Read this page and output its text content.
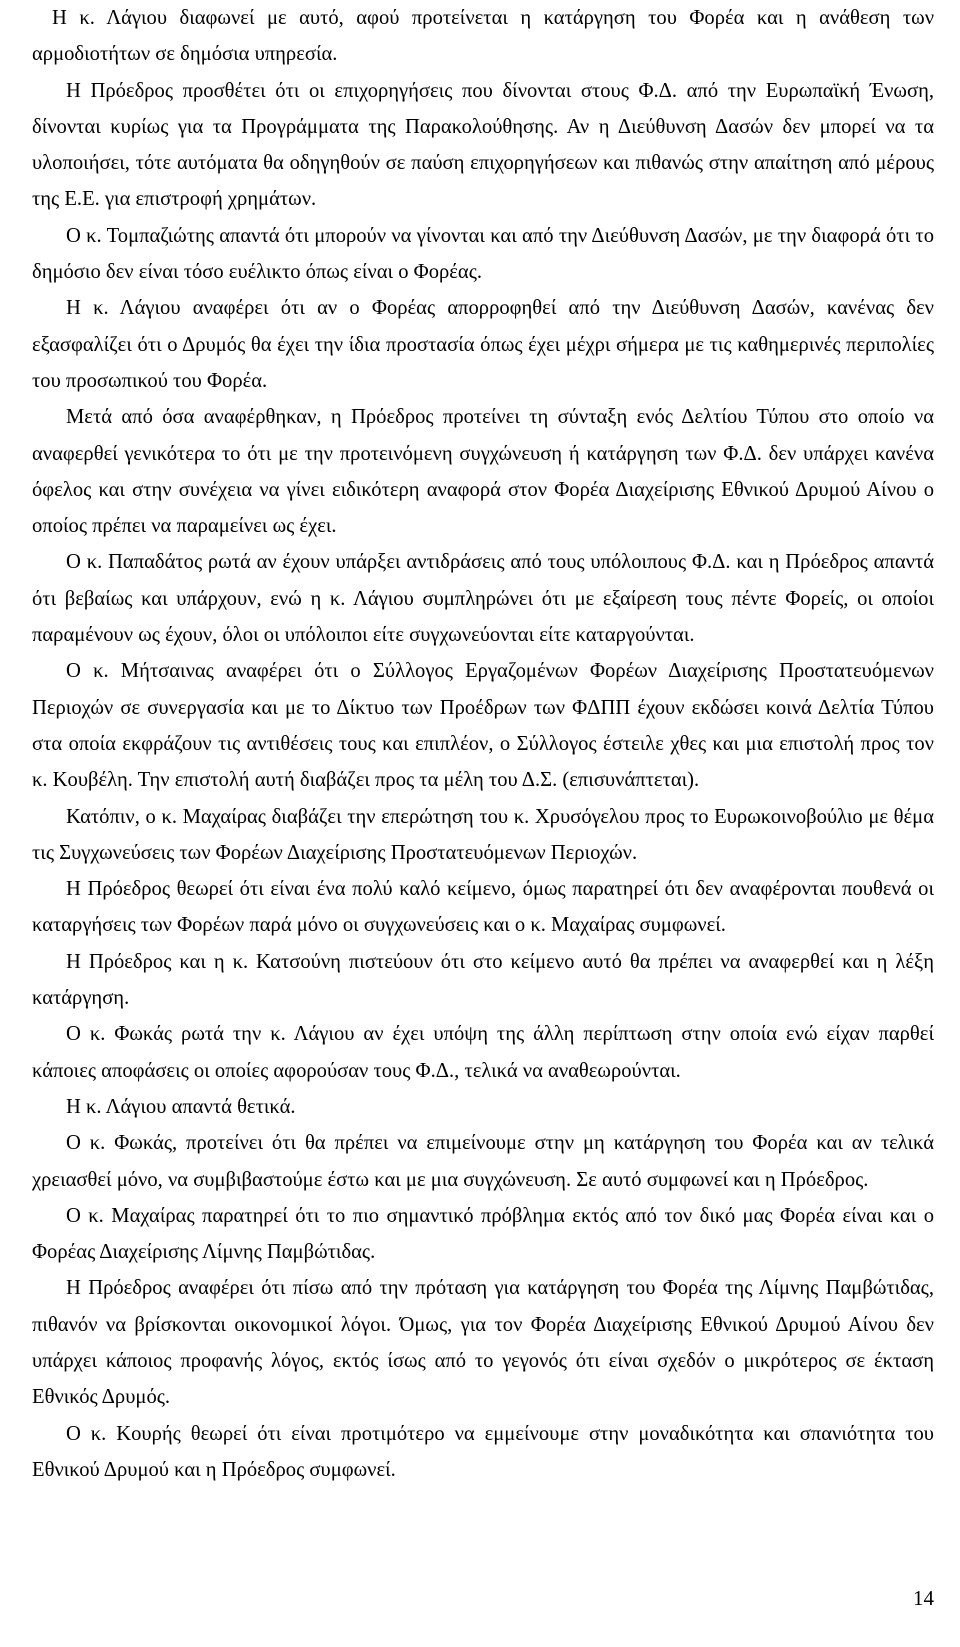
Η κ. Λάγιου διαφωνεί με αυτό, αφού προτείνεται η κατάργηση του Φορέα και η ανάθεση των αρμοδιοτήτων σε δημόσια υπηρεσία.

Η Πρόεδρος προσθέτει ότι οι επιχορηγήσεις που δίνονται στους Φ.Δ. από την Ευρωπαϊκή Ένωση, δίνονται κυρίως για τα Προγράμματα της Παρακολούθησης. Αν η Διεύθυνση Δασών δεν μπορεί να τα υλοποιήσει, τότε αυτόματα θα οδηγηθούν σε παύση επιχορηγήσεων και πιθανώς στην απαίτηση από μέρους της Ε.Ε. για επιστροφή χρημάτων.

Ο κ. Τομπαζιώτης απαντά ότι μπορούν να γίνονται και από την Διεύθυνση Δασών, με την διαφορά ότι το δημόσιο δεν είναι τόσο ευέλικτο όπως είναι ο Φορέας.

Η κ. Λάγιου αναφέρει ότι αν ο Φορέας απορροφηθεί από την Διεύθυνση Δασών, κανένας δεν εξασφαλίζει ότι ο Δρυμός θα έχει την ίδια προστασία όπως έχει μέχρι σήμερα με τις καθημερινές περιπολίες του προσωπικού του Φορέα.

Μετά από όσα αναφέρθηκαν, η Πρόεδρος προτείνει τη σύνταξη ενός Δελτίου Τύπου στο οποίο να αναφερθεί γενικότερα το ότι με την προτεινόμενη συγχώνευση ή κατάργηση των Φ.Δ. δεν υπάρχει κανένα όφελος και στην συνέχεια να γίνει ειδικότερη αναφορά στον Φορέα Διαχείρισης Εθνικού Δρυμού Αίνου ο οποίος πρέπει να παραμείνει ως έχει.

Ο κ. Παπαδάτος ρωτά αν έχουν υπάρξει αντιδράσεις από τους υπόλοιπους Φ.Δ. και η Πρόεδρος απαντά ότι βεβαίως και υπάρχουν, ενώ η κ. Λάγιου συμπληρώνει ότι με εξαίρεση τους πέντε Φορείς, οι οποίοι παραμένουν ως έχουν, όλοι οι υπόλοιποι είτε συγχωνεύονται είτε καταργούνται.

Ο κ. Μήτσαινας αναφέρει ότι ο Σύλλογος Εργαζομένων Φορέων Διαχείρισης Προστατευόμενων Περιοχών σε συνεργασία και με το Δίκτυο των Προέδρων των ΦΔΠΠ έχουν εκδώσει κοινά Δελτία Τύπου στα οποία εκφράζουν τις αντιθέσεις τους και επιπλέον, ο Σύλλογος έστειλε χθες και μια επιστολή προς τον κ. Κουβέλη. Την επιστολή αυτή διαβάζει προς τα μέλη του Δ.Σ. (επισυνάπτεται).

Κατόπιν, ο κ. Μαχαίρας διαβάζει την επερώτηση του κ. Χρυσόγελου προς το Ευρωκοινοβούλιο με θέμα τις Συγχωνεύσεις των Φορέων Διαχείρισης Προστατευόμενων Περιοχών.

Η Πρόεδρος θεωρεί ότι είναι ένα πολύ καλό κείμενο, όμως παρατηρεί ότι δεν αναφέρονται πουθενά οι καταργήσεις των Φορέων παρά μόνο οι συγχωνεύσεις και ο κ. Μαχαίρας συμφωνεί.

Η Πρόεδρος και η κ. Κατσούνη πιστεύουν ότι στο κείμενο αυτό θα πρέπει να αναφερθεί και η λέξη κατάργηση.

Ο κ. Φωκάς ρωτά την κ. Λάγιου αν έχει υπόψη της άλλη περίπτωση στην οποία ενώ είχαν παρθεί κάποιες αποφάσεις οι οποίες αφορούσαν τους Φ.Δ., τελικά να αναθεωρούνται.

Η κ. Λάγιου απαντά θετικά.

Ο κ. Φωκάς, προτείνει ότι θα πρέπει να επιμείνουμε στην μη κατάργηση του Φορέα και αν τελικά χρειασθεί μόνο, να συμβιβαστούμε έστω και με μια συγχώνευση. Σε αυτό συμφωνεί και η Πρόεδρος.

Ο κ. Μαχαίρας παρατηρεί ότι το πιο σημαντικό πρόβλημα εκτός από τον δικό μας Φορέα είναι και ο Φορέας Διαχείρισης Λίμνης Παμβώτιδας.

Η Πρόεδρος αναφέρει ότι πίσω από την πρόταση για κατάργηση του Φορέα της Λίμνης Παμβώτιδας, πιθανόν να βρίσκονται οικονομικοί λόγοι. Όμως, για τον Φορέα Διαχείρισης Εθνικού Δρυμού Αίνου δεν υπάρχει κάποιος προφανής λόγος, εκτός ίσως από το γεγονός ότι είναι σχεδόν ο μικρότερος σε έκταση Εθνικός Δρυμός.

Ο κ. Κουρής θεωρεί ότι είναι προτιμότερο να εμμείνουμε στην μοναδικότητα και σπανιότητα του Εθνικού Δρυμού και η Πρόεδρος συμφωνεί.

14
